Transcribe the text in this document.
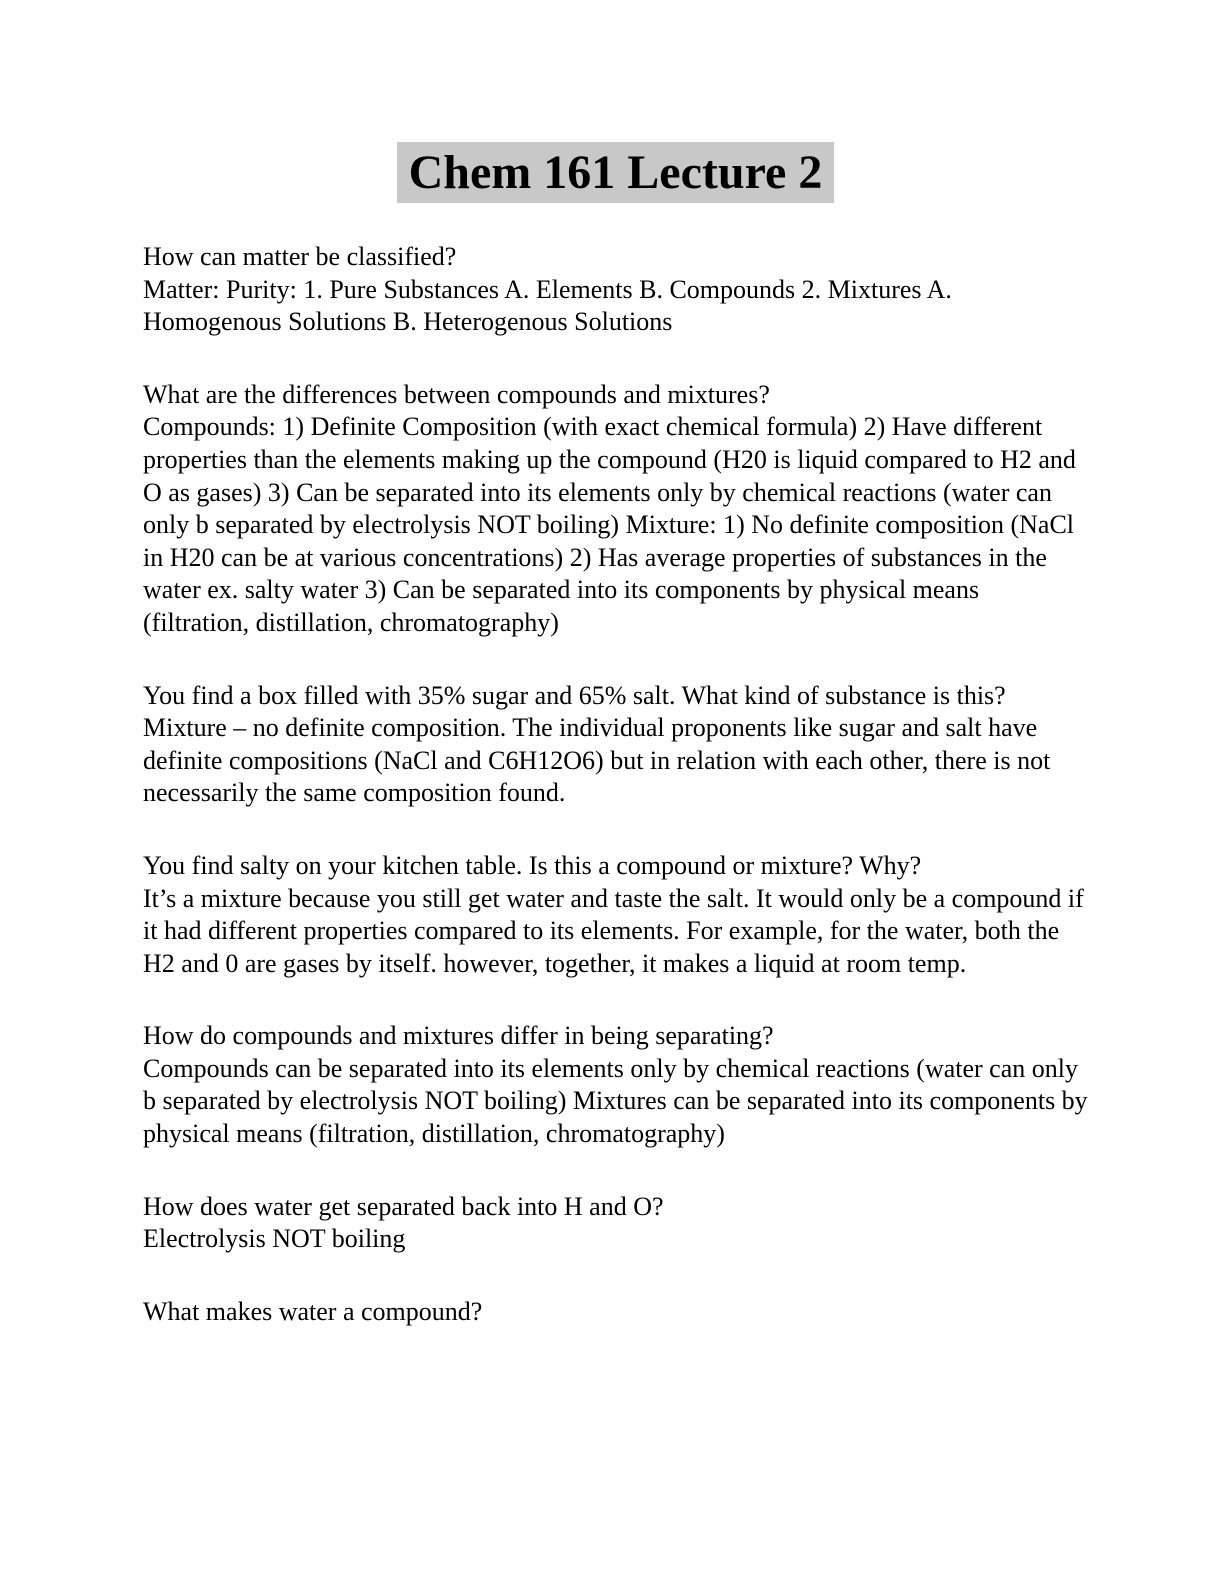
Chem 161 Lecture 2
How can matter be classified?
Matter: Purity: 1. Pure Substances A. Elements B. Compounds 2. Mixtures A. Homogenous Solutions B. Heterogenous Solutions
What are the differences between compounds and mixtures?
Compounds: 1) Definite Composition (with exact chemical formula) 2) Have different properties than the elements making up the compound (H20 is liquid compared to H2 and O as gases) 3) Can be separated into its elements only by chemical reactions (water can only b separated by electrolysis NOT boiling) Mixture: 1) No definite composition (NaCl in H20 can be at various concentrations) 2) Has average properties of substances in the water ex. salty water 3) Can be separated into its components by physical means (filtration, distillation, chromatography)
You find a box filled with 35% sugar and 65% salt. What kind of substance is this?
Mixture – no definite composition. The individual proponents like sugar and salt have definite compositions (NaCl and C6H12O6) but in relation with each other, there is not necessarily the same composition found.
You find salty on your kitchen table. Is this a compound or mixture? Why?
It’s a mixture because you still get water and taste the salt. It would only be a compound if it had different properties compared to its elements. For example, for the water, both the H2 and 0 are gases by itself. however, together, it makes a liquid at room temp.
How do compounds and mixtures differ in being separating?
Compounds can be separated into its elements only by chemical reactions (water can only b separated by electrolysis NOT boiling) Mixtures can be separated into its components by physical means (filtration, distillation, chromatography)
How does water get separated back into H and O?
Electrolysis NOT boiling
What makes water a compound?
